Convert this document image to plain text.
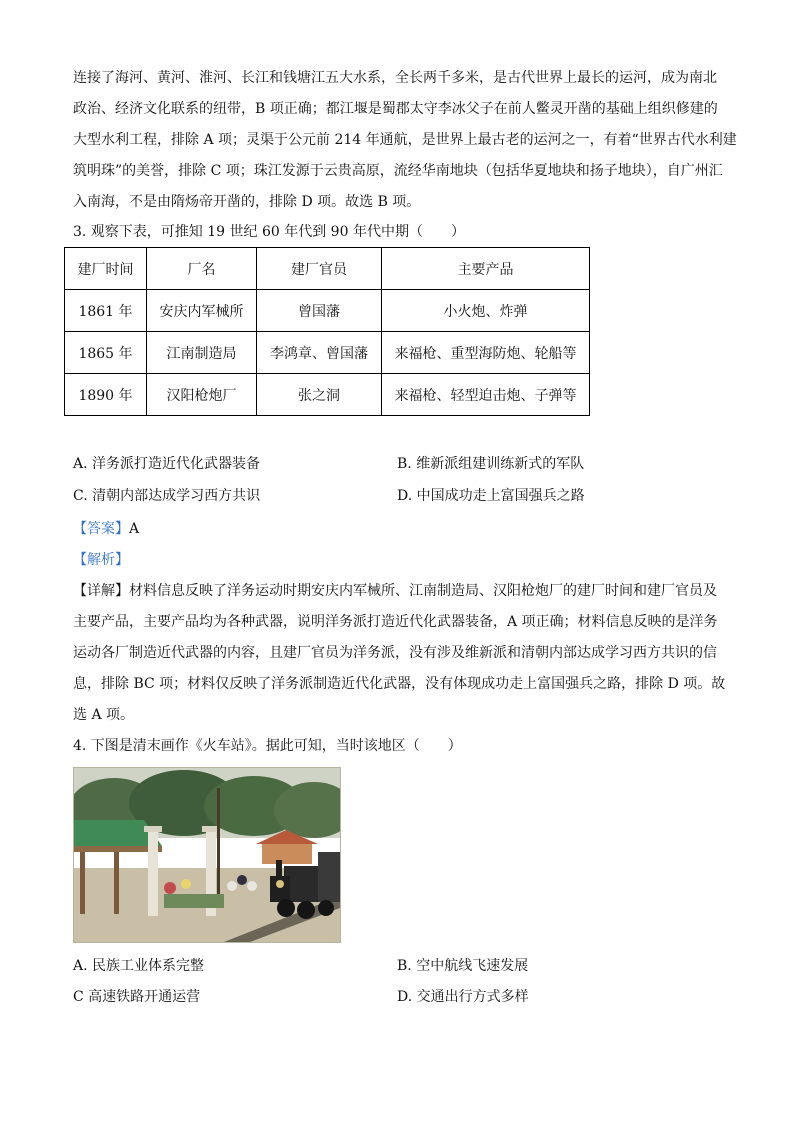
连接了海河、黄河、淮河、长江和钱塘江五大水系，全长两千多米，是古代世界上最长的运河，成为南北
政治、经济文化联系的纽带，B 项正确；都江堰是蜀郡太守李冰父子在前人鳖灵开凿的基础上组织修建的
大型水利工程，排除 A 项；灵渠于公元前 214 年通航，是世界上最古老的运河之一，有着“世界古代水利建
筑明珠”的美誉，排除 C 项；珠江发源于云贵高原，流经华南地块（包括华夏地块和扬子地块），自广州汇
入南海，不是由隋炀帝开凿的，排除 D 项。故选 B 项。
3. 观察下表，可推知 19 世纪 60 年代到 90 年代中期（　　）
建厂时间	厂名	建厂官员	主要产品
1861 年	安庆内军械所	曾国藩	小火炮、炸弹
1865 年	江南制造局	李鸿章、曾国藩	来福枪、重型海防炮、轮船等
1890 年	汉阳枪炮厂	张之洞	来福枪、轻型迫击炮、子弹等
A. 洋务派打造近代化武器装备	B. 维新派组建训练新式的军队
C. 清朝内部达成学习西方共识	D. 中国成功走上富国强兵之路
【答案】A
【解析】
【详解】材料信息反映了洋务运动时期安庆内军械所、江南制造局、汉阳枪炮厂的建厂时间和建厂官员及
主要产品，主要产品均为各种武器，说明洋务派打造近代化武器装备，A 项正确；材料信息反映的是洋务
运动各厂制造近代武器的内容，且建厂官员为洋务派，没有涉及维新派和清朝内部达成学习西方共识的信
息，排除 BC 项；材料仅反映了洋务派制造近代化武器，没有体现成功走上富国强兵之路，排除 D 项。故
选 A 项。
4. 下图是清末画作《火车站》。据此可知，当时该地区（　　）
A. 民族工业体系完整	B. 空中航线飞速发展
C 高速铁路开通运营	D. 交通出行方式多样
